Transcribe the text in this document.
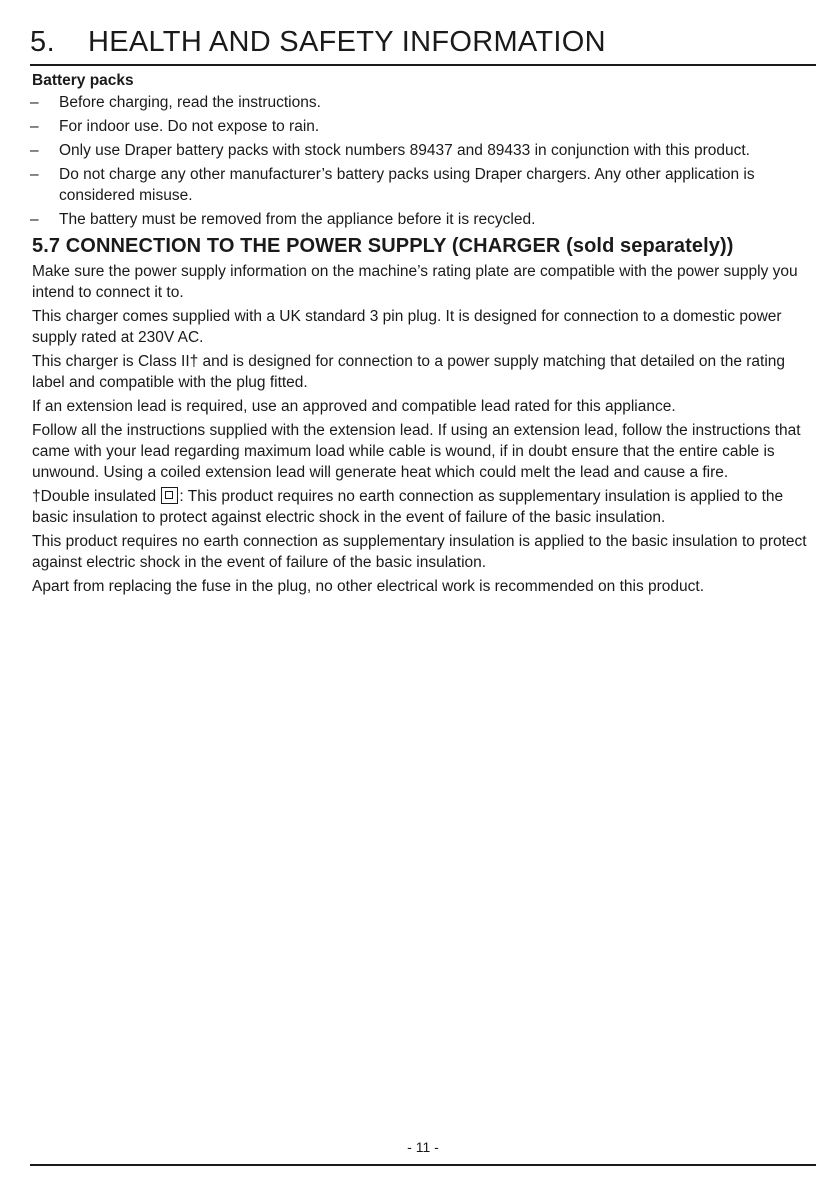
5. HEALTH AND SAFETY INFORMATION
Battery packs
– Before charging, read the instructions.
– For indoor use. Do not expose to rain.
– Only use Draper battery packs with stock numbers 89437 and 89433 in conjunction with this product.
– Do not charge any other manufacturer’s battery packs using Draper chargers. Any other application is considered misuse.
– The battery must be removed from the appliance before it is recycled.
5.7 CONNECTION TO THE POWER SUPPLY (CHARGER (sold separately))

Make sure the power supply information on the machine’s rating plate are compatible with the power supply you intend to connect it to.

This charger comes supplied with a UK standard 3 pin plug. It is designed for connection to a domestic power supply rated at 230V AC.

This charger is Class II† and is designed for connection to a power supply matching that detailed on the rating label and compatible with the plug fitted.

If an extension lead is required, use an approved and compatible lead rated for this appliance.

Follow all the instructions supplied with the extension lead. If using an extension lead, follow the instructions that came with your lead regarding maximum load while cable is wound, if in doubt ensure that the entire cable is unwound. Using a coiled extension lead will generate heat which could melt the lead and cause a fire.

†Double insulated : This product requires no earth connection as supplementary insulation is applied to the basic insulation to protect against electric shock in the event of failure of the basic insulation.

This product requires no earth connection as supplementary insulation is applied to the basic insulation to protect against electric shock in the event of failure of the basic insulation.

Apart from replacing the fuse in the plug, no other electrical work is recommended on this product.

- 11 -
